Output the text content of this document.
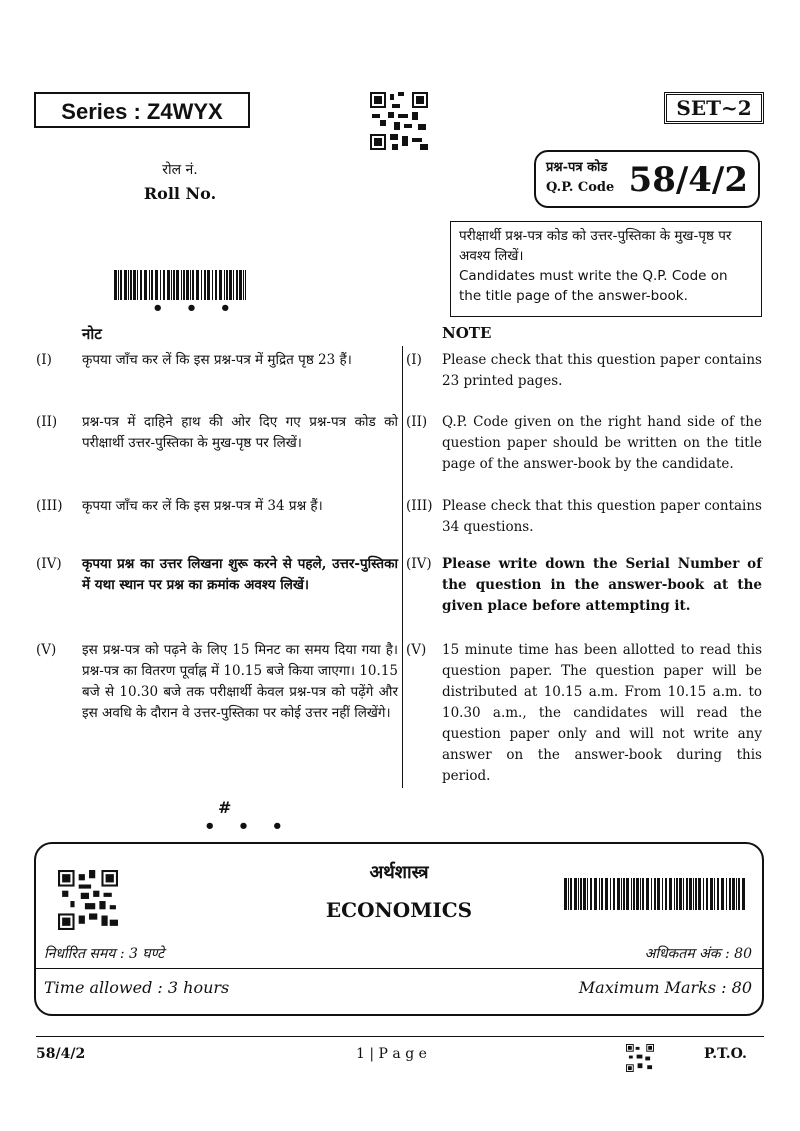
Series : Z4WYX	SET~2
रोल नं.
Roll No.
प्रश्न-पत्र कोड
Q.P. Code 58/4/2
परीक्षार्थी प्रश्न-पत्र कोड को उत्तर-पुस्तिका के मुख-पृष्ठ पर अवश्य लिखें।
Candidates must write the Q.P. Code on the title page of the answer-book.
• • •
नोट	NOTE
(I) कृपया जाँच कर लें कि इस प्रश्न-पत्र में मुद्रित पृष्ठ 23 हैं।
(II) प्रश्न-पत्र में दाहिने हाथ की ओर दिए गए प्रश्न-पत्र कोड को परीक्षार्थी उत्तर-पुस्तिका के मुख-पृष्ठ पर लिखें।
(III) कृपया जाँच कर लें कि इस प्रश्न-पत्र में 34 प्रश्न हैं।
(IV) कृपया प्रश्न का उत्तर लिखना शुरू करने से पहले, उत्तर-पुस्तिका में यथा स्थान पर प्रश्न का क्रमांक अवश्य लिखें।
(V) इस प्रश्न-पत्र को पढ़ने के लिए 15 मिनट का समय दिया गया है। प्रश्न-पत्र का वितरण पूर्वाह्न में 10.15 बजे किया जाएगा। 10.15 बजे से 10.30 बजे तक परीक्षार्थी केवल प्रश्न-पत्र को पढ़ेंगे और इस अवधि के दौरान वे उत्तर-पुस्तिका पर कोई उत्तर नहीं लिखेंगे।
(I) Please check that this question paper contains 23 printed pages.
(II) Q.P. Code given on the right hand side of the question paper should be written on the title page of the answer-book by the candidate.
(III) Please check that this question paper contains 34 questions.
(IV) Please write down the Serial Number of the question in the answer-book at the given place before attempting it.
(V) 15 minute time has been allotted to read this question paper. The question paper will be distributed at 10.15 a.m. From 10.15 a.m. to 10.30 a.m., the candidates will read the question paper only and will not write any answer on the answer-book during this period.
#
• • •
अर्थशास्त्र
ECONOMICS
निर्धारित समय : 3 घण्टे	अधिकतम अंक : 80
Time allowed : 3 hours	Maximum Marks : 80
58/4/2	1 | P a g e	P.T.O.
